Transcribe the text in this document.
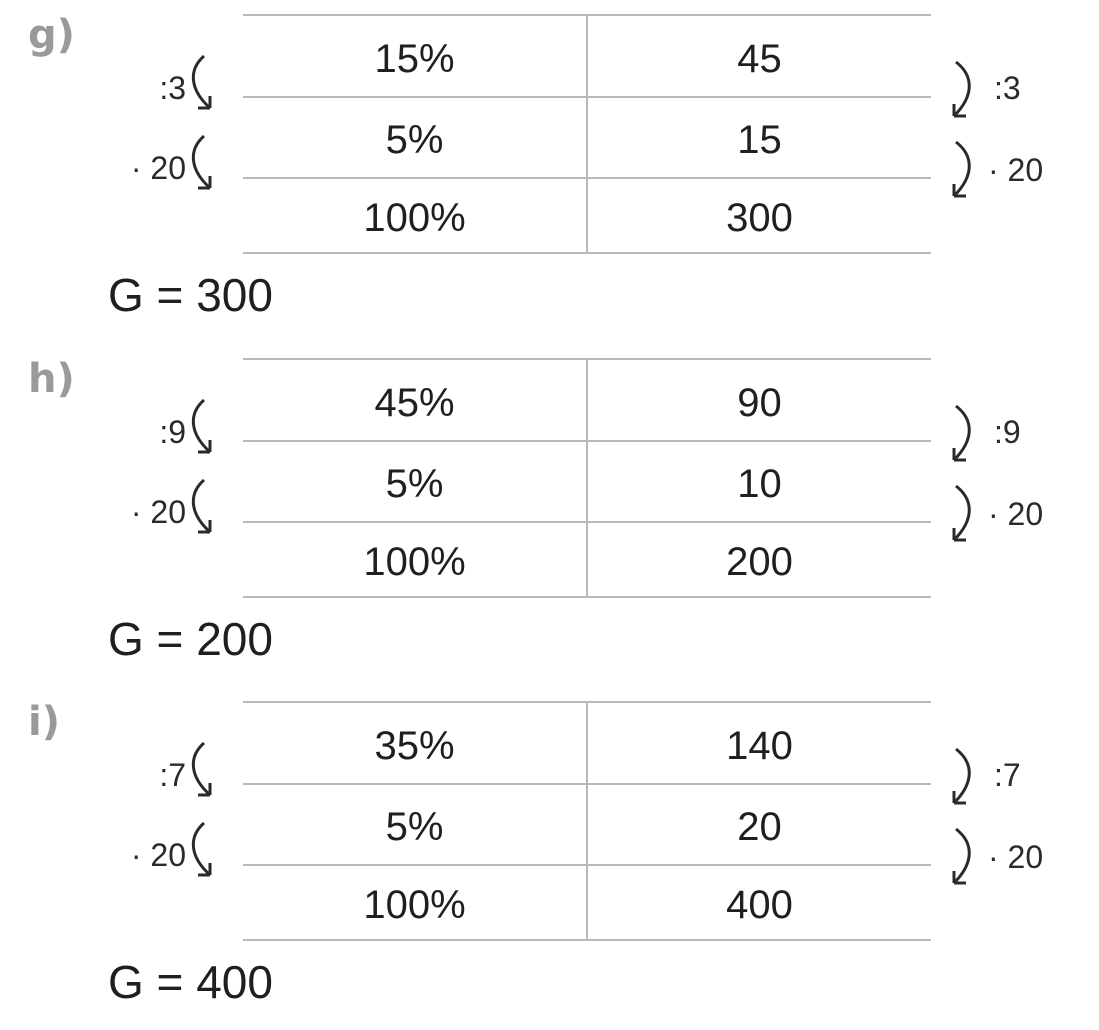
g)
15%	45
5%	15
100%	300
:3
· 20
:3
· 20
G = 300
h)
45%	90
5%	10
100%	200
:9
· 20
:9
· 20
G = 200
i)
35%	140
5%	20
100%	400
:7
· 20
:7
· 20
G = 400
